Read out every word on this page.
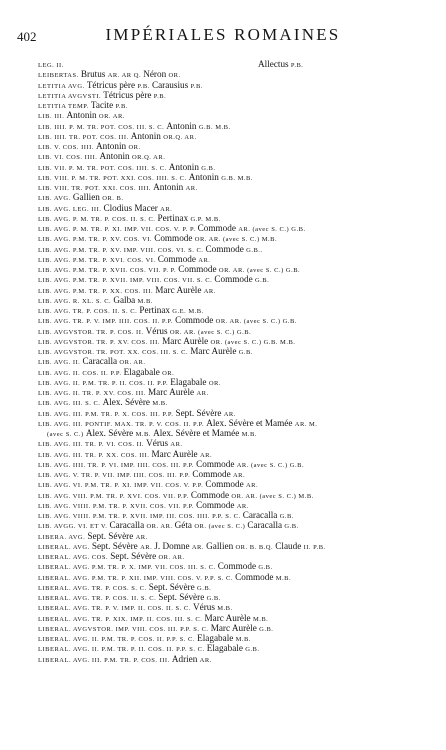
402	IMPÉRIALES ROMAINES
LEG. II.	Allectus P.B.
LEIBERTAS. Brutus AR. AR Q. Néron OR.
LETITIA AVG. Tétricus père P.B. Carausius P.B.
LETITIA AVGVSTI. Tétricus père P.B.
LETITIA TEMP. Tacite P.B.
LIB. III. Antonin OR. AR.
LIB. IIII. P. M. TR. POT. COS. III. S. C. Antonin G.B. M.B.
LIB. IIII. TR. POT. COS. III. Antonin OR.Q. AR.
LIB. V. COS. IIII. Antonin OR.
LIB. VI. COS. IIII. Antonin OR.Q. AR.
LIB. VII. P. M. TR. POT. COS. IIII. S. C. Antonin G.B.
LIB. VIII. P. M. TR. POT. XXI. COS. IIII. S. C. Antonin G.B. M.B.
LIB. VIII. TR. POT. XXI. COS. IIII. Antonin AR.
LIB. AVG. Gallien OR. B.
LIB. AVG. LEG. III. Clodius Macer AR.
LIB. AVG. P. M. TR. P. COS. II. S. C. Pertinax G.P. M.B.
LIB. AVG. P. M. TR. P. XI. IMP. VII. COS. V. P. P. Commode AR. (avec S. C.) G.B.
LIB. AVG. P.M. TR. P. XV. COS. VI. Commode OR. AR. (avec S. C.) M.B.
LIB. AVG. P.M. TR. P. XV. IMP. VIII. COS. VI. S. C. Commode G.B..
LIB. AVG. P.M. TR. P. XVI. COS. VI. Commode AR.
LIB. AVG. P.M. TR. P. XVII. COS. VII. P. P. Commode OR. AR. (avec S. C.) G.B.
LIB. AVG. P.M. TR. P. XVII. IMP. VIII. COS. VII. S. C. Commode G.B.
LIB. AVG. P.M. TR. P. XX. COS. III. Marc Aurèle AR.
LIB. AVG. R. XL. S. C. Galba M.B.
LIB. AVG. TR. P. COS. II. S. C. Pertinax G.E. M.B.
LIB. AVG. TR. P. V. IMP. IIII. COS. II. P.P. Commode OR. AR. (avec S. C.) G.B.
LIB. AVGVSTOR. TR. P. COS. II. Vérus OR. AR. (avec S. C.) G.B.
LIB. AVGVSTOR. TR. P. XV. COS. III. Marc Aurèle OR. (avec S. C.) G.B. M.B.
LIB. AVGVSTOR. TR. POT. XX. COS. III. S. C. Marc Aurèle G.B.
LIB. AVG. II. Caracalla OR. AR.
LIB. AVG. II. COS. II. P.P. Elagabale OR.
LIB. AVG. II. P.M. TR. P. II. COS. II. P.P. Elagabale OR.
LIB. AVG. II. TR. P. XV. COS. III. Marc Aurèle AR.
LIB. AVG. III. S. C. Alex. Sévère M.B.
LIB. AVG. III. P.M. TR. P. X. COS. III. P.P. Sept. Sévère AR.
LIB. AVG. III. PONTIF. MAX. TR. P. V. COS. II. P.P. Alex. Sévère et Mamée AR. M.
(avec S. C.) Alex. Sévère M.B. Alex. Sévère et Mamée M.B.
LIB. AVG. III. TR. P. VI. COS. II. Vérus AR.
LIB. AVG. III. TR. P. XX. COS. III. Marc Aurèle AR.
LIB. AVG. IIII. TR. P. VI. IMP. IIII. COS. III. P.P. Commode AR. (avec S. C.) G.B.
LIB. AVG. V. TR. P. VII. IMP. IIII. COS. III. P.P. Commode AR.
LIB. AVG. VI. P.M. TR. P. XI. IMP. VII. COS. V. P.P. Commode AR.
LIB. AVG. VIII. P.M. TR. P. XVI. COS. VII. P.P. Commode OR. AR. (avec S. C.) M.B.
LIB. AVG. VIIII. P.M. TR. P. XVII. COS. VII. P.P. Commode AR.
LIB. AVG. VIIII. P.M. TR. P. XVII. IMP. III. COS. IIII. P.P. S. C. Caracalla G.B.
LIB. AVGG. VI. ET V. Caracalla OR. AR. Géta OR. (avec S. C.) Caracalla G.B.
LIBERA. AVG. Sept. Sévère AR.
LIBERAL. AVG. Sept. Sévère AR. J. Domne AR. Gallien OR. B. B.Q. Claude II. P.B.
LIBERAL. AVG. COS. Sept. Sévère OR. AR.
LIBERAL. AVG. P.M. TR. P. X. IMP. VII. COS. III. S. C. Commode G.B.
LIBERAL. AVG. P.M. TR. P. XII. IMP. VIII. COS. V. P.P. S. C. Commode M.B.
LIBERAL. AVG. TR. P. COS. S. C. Sept. Sévère G.B.
LIBERAL. AVG. TR. P. COS. II. S. C. Sept. Sévère G.B.
LIBERAL. AVG. TR. P. V. IMP. II. COS. II. S. C. Vérus M.B.
LIBERAL. AVG. TR. P. XIX. IMP. II. COS. III. S. C. Marc Aurèle M.B.
LIBERAL. AVGVSTOR. IMP. VIII. COS. III. P.P. S. C. Marc Aurèle G.B.
LIBERAL. AVG. II. P.M. TR. P. COS. II. P.P. S. C. Elagabale M.B.
LIBERAL. AVG. II. P.M. TR. P. II. COS. II. P.P. S. C. Elagabale G.B.
LIBERAL. AVG. III. P.M. TR. P. COS. III. Adrien AR.
